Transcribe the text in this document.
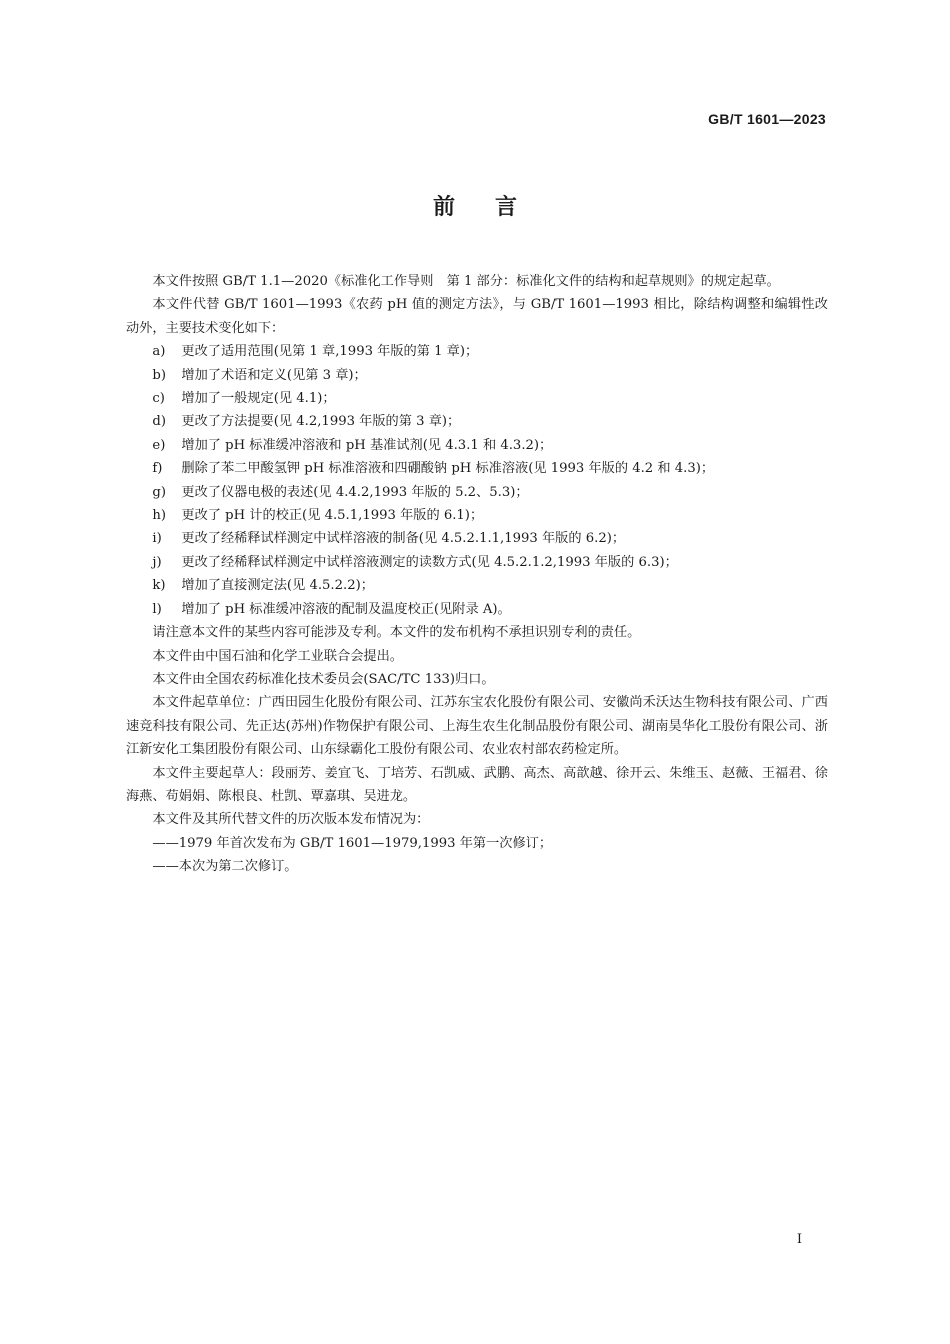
GB/T 1601—2023
前言

本文件按照 GB/T 1.1—2020《标准化工作导则　第 1 部分：标准化文件的结构和起草规则》的规定起草。

本文件代替 GB/T 1601—1993《农药 pH 值的测定方法》，与 GB/T 1601—1993 相比，除结构调整和编辑性改动外，主要技术变化如下：

a)	更改了适用范围(见第 1 章,1993 年版的第 1 章)；

b)	增加了术语和定义(见第 3 章)；

c)	增加了一般规定(见 4.1)；

d)	更改了方法提要(见 4.2,1993 年版的第 3 章)；

e)	增加了 pH 标准缓冲溶液和 pH 基准试剂(见 4.3.1 和 4.3.2)；

f)	删除了苯二甲酸氢钾 pH 标准溶液和四硼酸钠 pH 标准溶液(见 1993 年版的 4.2 和 4.3)；

g)	更改了仪器电极的表述(见 4.4.2,1993 年版的 5.2、5.3)；

h)	更改了 pH 计的校正(见 4.5.1,1993 年版的 6.1)；

i)	更改了经稀释试样测定中试样溶液的制备(见 4.5.2.1.1,1993 年版的 6.2)；

j)	更改了经稀释试样测定中试样溶液测定的读数方式(见 4.5.2.1.2,1993 年版的 6.3)；

k)	增加了直接测定法(见 4.5.2.2)；

l)	增加了 pH 标准缓冲溶液的配制及温度校正(见附录 A)。

请注意本文件的某些内容可能涉及专利。本文件的发布机构不承担识别专利的责任。

本文件由中国石油和化学工业联合会提出。

本文件由全国农药标准化技术委员会(SAC/TC 133)归口。

本文件起草单位：广西田园生化股份有限公司、江苏东宝农化股份有限公司、安徽尚禾沃达生物科技有限公司、广西速竞科技有限公司、先正达(苏州)作物保护有限公司、上海生农生化制品股份有限公司、湖南昊华化工股份有限公司、浙江新安化工集团股份有限公司、山东绿霸化工股份有限公司、农业农村部农药检定所。

本文件主要起草人：段丽芳、姜宜飞、丁培芳、石凯威、武鹏、高杰、高歆越、徐开云、朱维玉、赵薇、王福君、徐海燕、苟娟娟、陈根良、杜凯、覃嘉琪、吴进龙。

本文件及其所代替文件的历次版本发布情况为：

——1979 年首次发布为 GB/T 1601—1979,1993 年第一次修订；

——本次为第二次修订。

I
